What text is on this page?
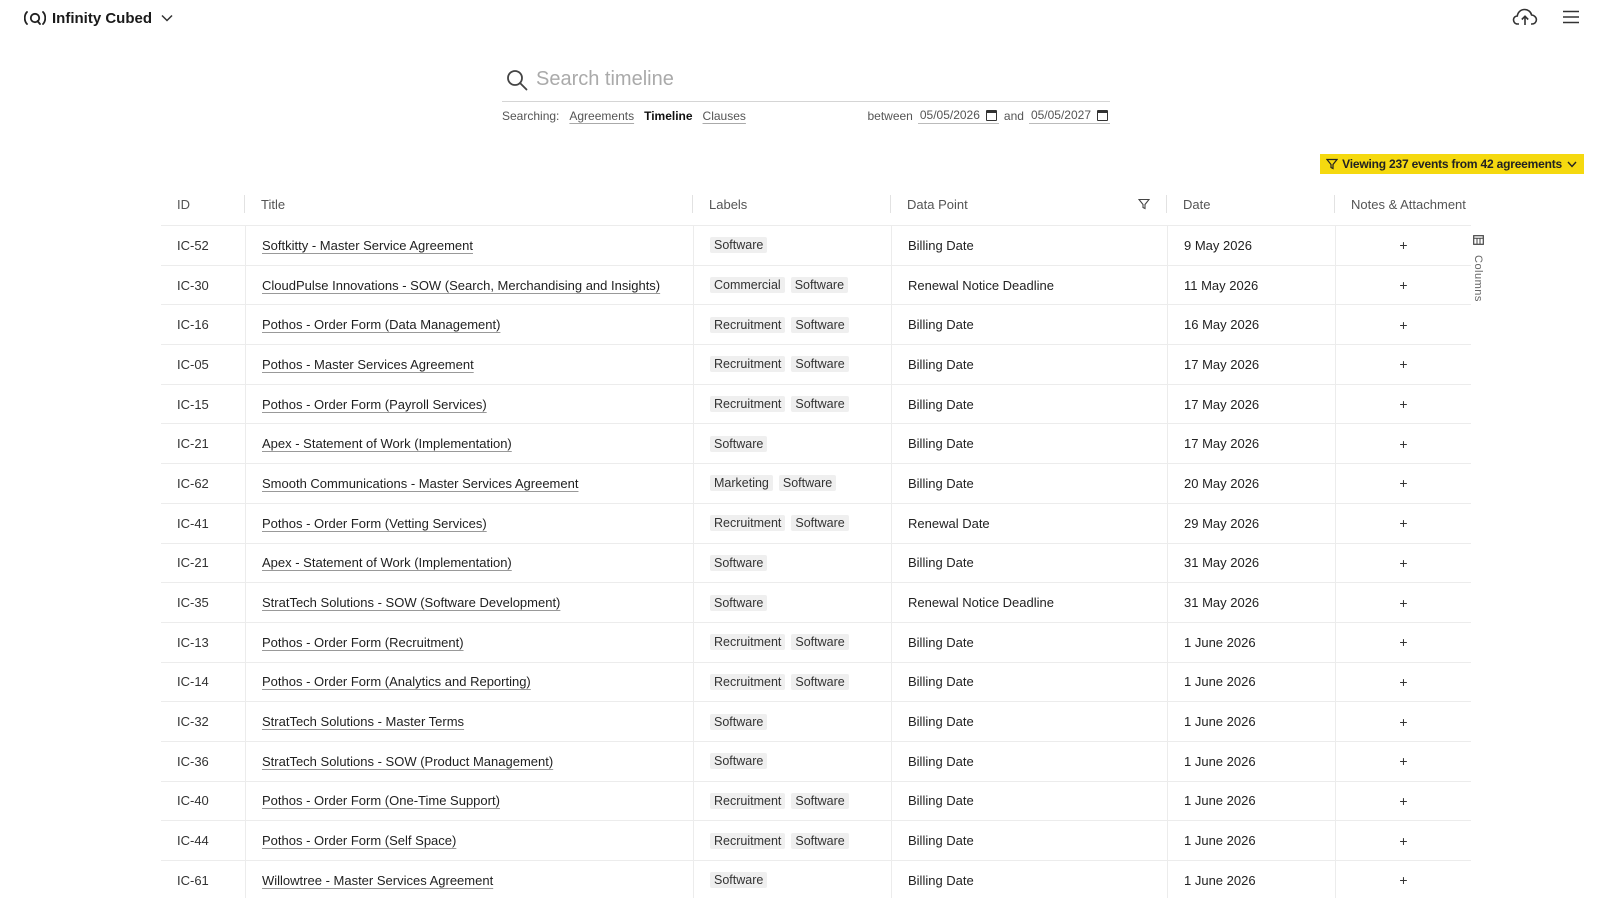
Infinity Cubed
Search timeline
Searching: Agreements Timeline Clauses	between 05/05/2026 and 05/05/2027
Viewing 237 events from 42 agreements
ID	Title	Labels	Data Point	Date	Notes & Attachment
IC-52	Softkitty - Master Service Agreement	Software	Billing Date	9 May 2026	+
IC-30	CloudPulse Innovations - SOW (Search, Merchandising and Insights)	Commercial	Software	Renewal Notice Deadline	11 May 2026	+
IC-16	Pothos - Order Form (Data Management)	Recruitment	Software	Billing Date	16 May 2026	+
IC-05	Pothos - Master Services Agreement	Recruitment	Software	Billing Date	17 May 2026	+
IC-15	Pothos - Order Form (Payroll Services)	Recruitment	Software	Billing Date	17 May 2026	+
IC-21	Apex - Statement of Work (Implementation)	Software	Billing Date	17 May 2026	+
IC-62	Smooth Communications - Master Services Agreement	Marketing	Software	Billing Date	20 May 2026	+
IC-41	Pothos - Order Form (Vetting Services)	Recruitment	Software	Renewal Date	29 May 2026	+
IC-21	Apex - Statement of Work (Implementation)	Software	Billing Date	31 May 2026	+
IC-35	StratTech Solutions - SOW (Software Development)	Software	Renewal Notice Deadline	31 May 2026	+
IC-13	Pothos - Order Form (Recruitment)	Recruitment	Software	Billing Date	1 June 2026	+
IC-14	Pothos - Order Form (Analytics and Reporting)	Recruitment	Software	Billing Date	1 June 2026	+
IC-32	StratTech Solutions - Master Terms	Software	Billing Date	1 June 2026	+
IC-36	StratTech Solutions - SOW (Product Management)	Software	Billing Date	1 June 2026	+
IC-40	Pothos - Order Form (One-Time Support)	Recruitment	Software	Billing Date	1 June 2026	+
IC-44	Pothos - Order Form (Self Space)	Recruitment	Software	Billing Date	1 June 2026	+
IC-61	Willowtree - Master Services Agreement	Software	Billing Date	1 June 2026	+
Columns
